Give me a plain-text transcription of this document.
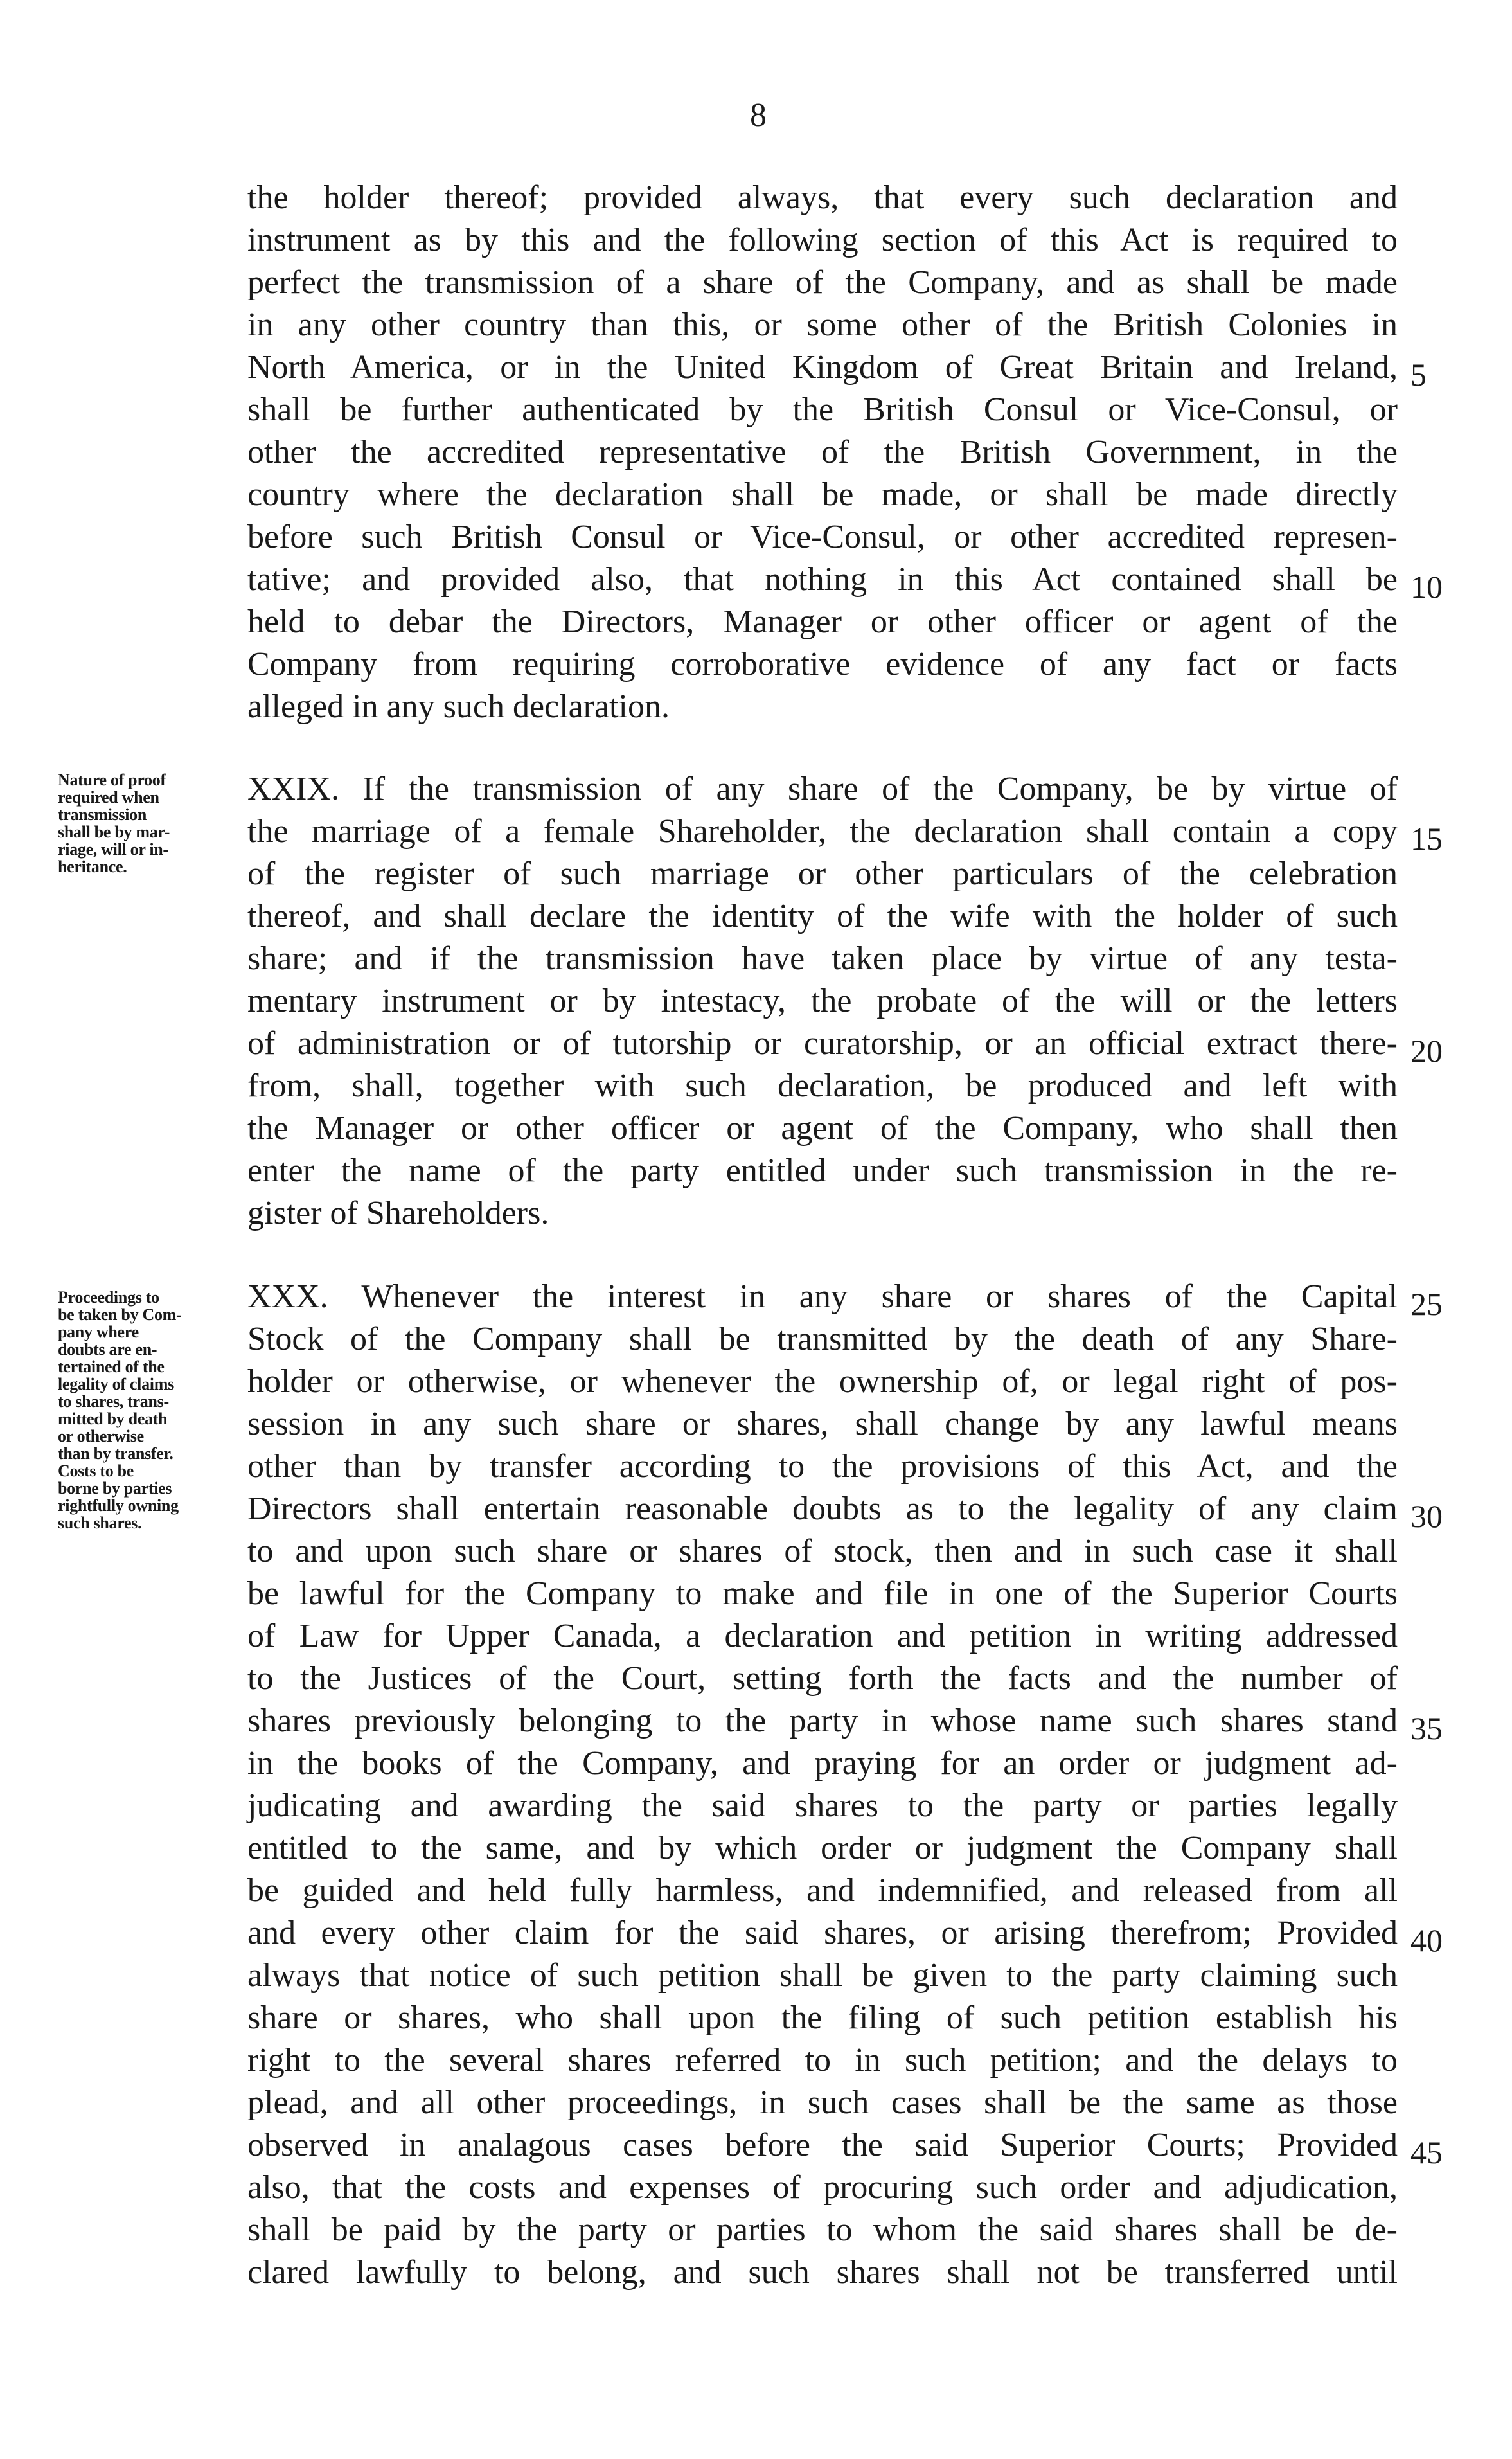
8
the holder thereof; provided always, that every such declaration and
instrument as by this and the following section of this Act is required to
perfect the transmission of a share of the Company, and as shall be made
in any other country than this, or some other of the British Colonies in
North America, or in the United Kingdom of Great Britain and Ireland,
shall be further authenticated by the British Consul or Vice-Consul, or
other the accredited representative of the British Government, in the
country where the declaration shall be made, or shall be made directly
before such British Consul or Vice-Consul, or other accredited represen-
tative; and provided also, that nothing in this Act contained shall be
held to debar the Directors, Manager or other officer or agent of the
Company from requiring corroborative evidence of any fact or facts
alleged in any such declaration.
XXIX. If the transmission of any share of the Company, be by virtue of
the marriage of a female Shareholder, the declaration shall contain a copy
of the register of such marriage or other particulars of the celebration
thereof, and shall declare the identity of the wife with the holder of such
share; and if the transmission have taken place by virtue of any testa-
mentary instrument or by intestacy, the probate of the will or the letters
of administration or of tutorship or curatorship, or an official extract there-
from, shall, together with such declaration, be produced and left with
the Manager or other officer or agent of the Company, who shall then
enter the name of the party entitled under such transmission in the re-
gister of Shareholders.
XXX. Whenever the interest in any share or shares of the Capital
Stock of the Company shall be transmitted by the death of any Share-
holder or otherwise, or whenever the ownership of, or legal right of pos-
session in any such share or shares, shall change by any lawful means
other than by transfer according to the provisions of this Act, and the
Directors shall entertain reasonable doubts as to the legality of any claim
to and upon such share or shares of stock, then and in such case it shall
be lawful for the Company to make and file in one of the Superior Courts
of Law for Upper Canada, a declaration and petition in writing addressed
to the Justices of the Court, setting forth the facts and the number of
shares previously belonging to the party in whose name such shares stand
in the books of the Company, and praying for an order or judgment ad-
judicating and awarding the said shares to the party or parties legally
entitled to the same, and by which order or judgment the Company shall
be guided and held fully harmless, and indemnified, and released from all
and every other claim for the said shares, or arising therefrom; Provided
always that notice of such petition shall be given to the party claiming such
share or shares, who shall upon the filing of such petition establish his
right to the several shares referred to in such petition; and the delays to
plead, and all other proceedings, in such cases shall be the same as those
observed in analagous cases before the said Superior Courts; Provided
also, that the costs and expenses of procuring such order and adjudication,
shall be paid by the party or parties to whom the said shares shall be de-
clared lawfully to belong, and such shares shall not be transferred until
5
10
15
20
25
30
35
40
45
Nature of proof
required when
transmission
shall be by mar-
riage, will or in-
heritance.
Proceedings to
be taken by Com-
pany where
doubts are en-
tertained of the
legality of claims
to shares, trans-
mitted by death
or otherwise
than by transfer.
Costs to be
borne by parties
rightfully owning
such shares.
